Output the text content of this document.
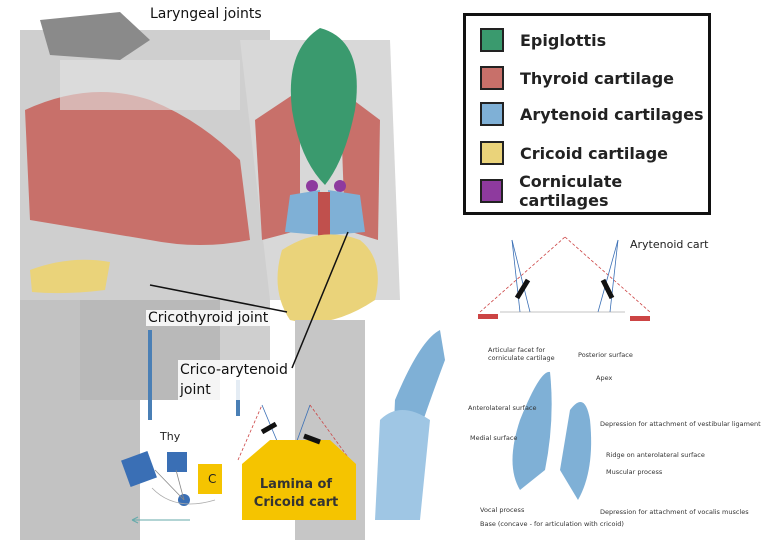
Laryngeal joints
Cricothyroid joint
Crico-arytenoid
joint
Epiglottis
Thyroid cartilage
Arytenoid cartilages
Cricoid cartilage
Corniculate cartilages
Arytenoid cart
Lamina of
Cricoid cart
Thy
C
Articular facet for corniculate cartilage	Posterior surface
Apex
Anterolateral surface
Depression for attachment of vestibular ligament
Medial surface
Ridge on anterolateral surface
Muscular process
Vocal process	Depression for attachment of vocalis muscles
Base (concave - for articulation with cricoid)
